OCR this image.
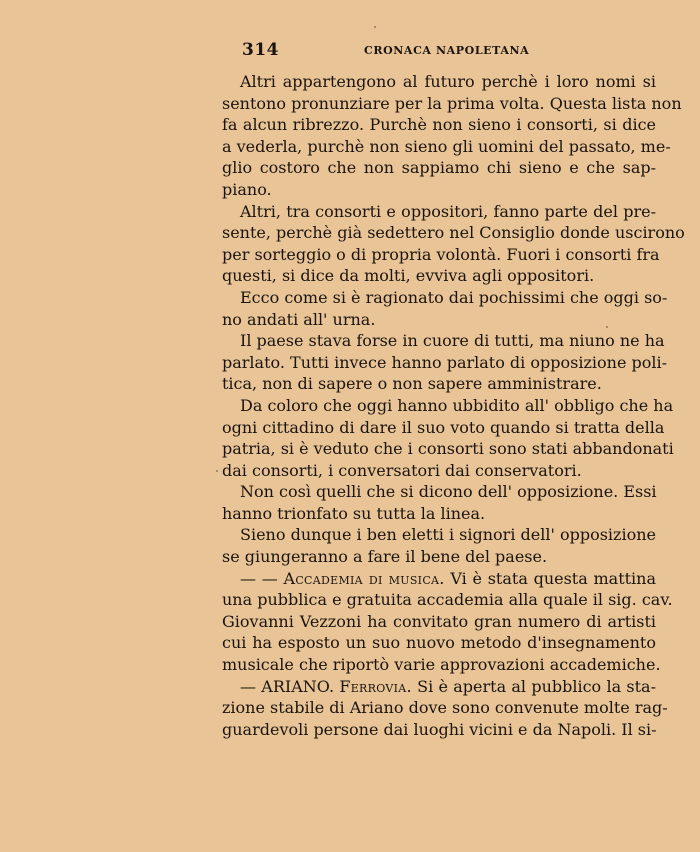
314	CRONACA NAPOLETANA
Altri appartengono al futuro perchè i loro nomi si
sentono pronunziare per la prima volta. Questa lista non
fa alcun ribrezzo. Purchè non sieno i consorti, si dice
a vederla, purchè non sieno gli uomini del passato, me-
glio costoro che non sappiamo chi sieno e che sap-
piano.
Altri, tra consorti e oppositori, fanno parte del pre-
sente, perchè già sedettero nel Consiglio donde uscirono
per sorteggio o di propria volontà. Fuori i consorti fra
questi, si dice da molti, evviva agli oppositori.
Ecco come si è ragionato dai pochissimi che oggi so-
no andati all' urna.
Il paese stava forse in cuore di tutti, ma niuno ne ha
parlato. Tutti invece hanno parlato di opposizione poli-
tica, non di sapere o non sapere amministrare.
Da coloro che oggi hanno ubbidito all' obbligo che ha
ogni cittadino di dare il suo voto quando si tratta della
patria, si è veduto che i consorti sono stati abbandonati
dai consorti, i conversatori dai conservatori.
Non così quelli che si dicono dell' opposizione. Essi
hanno trionfato su tutta la linea.
Sieno dunque i ben eletti i signori dell' opposizione
se giungeranno a fare il bene del paese.
— — Accademia di musica. Vi è stata questa mattina
una pubblica e gratuita accademia alla quale il sig. cav.
Giovanni Vezzoni ha convitato gran numero di artisti
cui ha esposto un suo nuovo metodo d'insegnamento
musicale che riportò varie approvazioni accademiche.
— ARIANO. Ferrovia. Si è aperta al pubblico la sta-
zione stabile di Ariano dove sono convenute molte rag-
guardevoli persone dai luoghi vicini e da Napoli. Il si-
